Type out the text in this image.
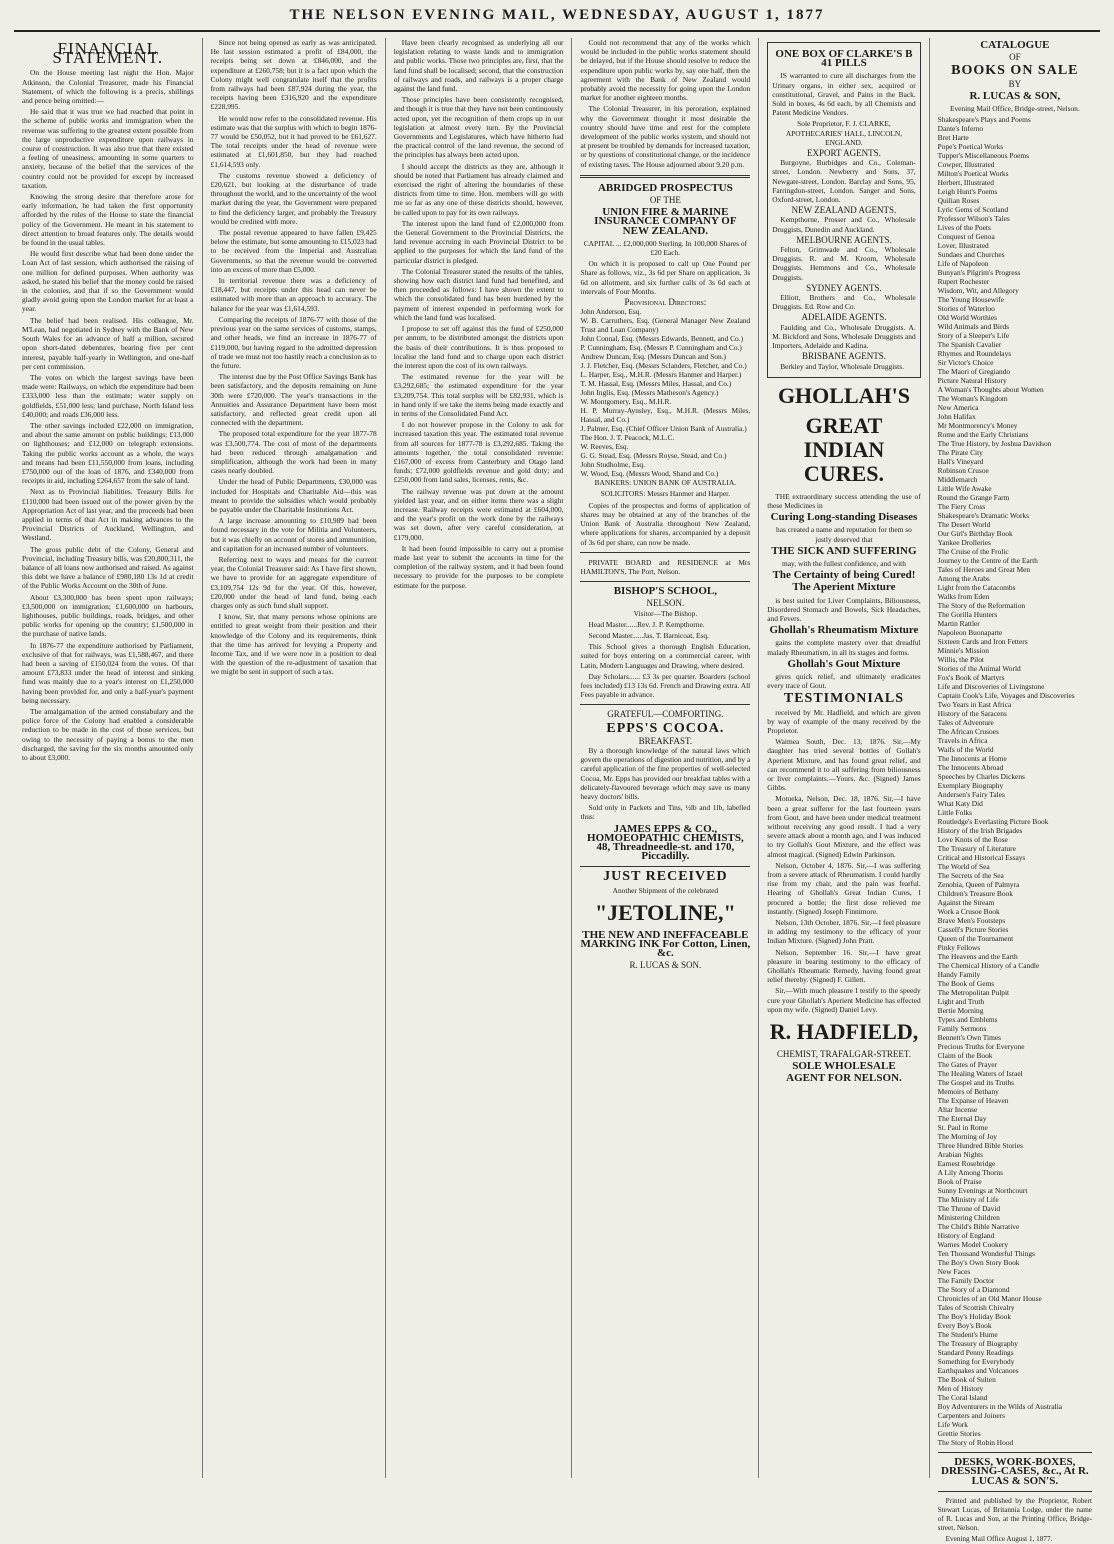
THE NELSON EVENING MAIL, WEDNESDAY, AUGUST 1, 1877
FINANCIAL STATEMENT.

On the House meeting last night the Hon. Major Atkinson, the Colonial Treasurer, made his Financial Statement, of which the following is a precis, shillings and pence being omitted:—

He said that it was true we had reached that point in the scheme of public works and immigration when the revenue was suffering to the greatest extent possible from the large unproductive expenditure upon railways in course of construction. It was also true that there existed a feeling of uneasiness, amounting in some quarters to anxiety, because of the belief that the services of the country could not be provided for except by increased taxation.

Knowing the strong desire that therefore arose for early information, he had taken the first opportunity afforded by the rules of the House to state the financial policy of the Government. He meant in his statement to direct attention to broad features only. The details would be found in the usual tables.

He would first describe what had been done under the Loan Act of last session, which authorised the raising of one million for defined purposes. When authority was asked, he stated his belief that the money could be raised in the colonies, and that if so the Government would gladly avoid going upon the London market for at least a year.

The belief had been realised. His colleague, Mr. M'Lean, had negotiated in Sydney with the Bank of New South Wales for an advance of half a million, secured upon short-dated debentures, bearing five per cent interest, payable half-yearly in Wellington, and one-half per cent commission.

The votes on which the largest savings have been made were: Railways, on which the expenditure had been £333,000 less than the estimate; water supply on goldfields, £51,000 less; land purchase, North Island less £40,000; and roads £36,000 less.

The other savings included £22,000 on immigration, and about the same amount on public buildings; £13,000 on lighthouses; and £12,000 on telegraph extensions. Taking the public works account as a whole, the ways and means had been £11,550,000 from loans, including £750,000 out of the loan of 1876, and £340,000 from receipts in aid, including £264,657 from the sale of land.

Next as to Provincial liabilities. Treasury Bills for £110,000 had been issued out of the power given by the Appropriation Act of last year, and the proceeds had been applied in terms of that Act in making advances to the Provincial Districts of Auckland, Wellington, and Westland.

The gross public debt of the Colony, General and Provincial, including Treasury bills, was £20,800,311, the balance of all loans now authorised and raised. As against this debt we have a balance of £980,180 13s 1d at credit of the Public Works Account on the 30th of June.

About £3,300,000 has been spent upon railways; £3,500,000 on immigration; £1,600,000 on harbours, lighthouses, public buildings, roads, bridges, and other public works for opening up the country; £1,500,000 in the purchase of native lands.

In 1876-77 the expenditure authorised by Parliament, exclusive of that for railways, was £1,588,467, and there had been a saving of £150,024 from the votes. Of that amount £73,833 under the head of interest and sinking fund was mainly due to a year's interest on £1,250,000 having been provided for, and only a half-year's payment being necessary.

The amalgamation of the armed constabulary and the police force of the Colony had enabled a considerable reduction to be made in the cost of those services, but owing to the necessity of paying a bonus to the men discharged, the saving for the six months amounted only to about £3,000.

Since not being opened as early as was anticipated. He last session estimated a profit of £84,000, the receipts being set down at £846,000, and the expenditure at £260,758; but it is a fact upon which the Colony might well congratulate itself that the profits from railways had been £87,924 during the year, the receipts having been £316,920 and the expenditure £228,995.

He would now refer to the consolidated revenue. His estimate was that the surplus with which to begin 1876-77 would be £50,052, but it had proved to be £61,627. The total receipts under the head of revenue were estimated at £1,601,850, but they had reached £1,614,593 only.

The customs revenue showed a deficiency of £20,621, but looking at the disturbance of trade throughout the world, and to the uncertainty of the wool market during the year, the Government were prepared to find the deficiency larger, and probably the Treasury would be credited with more.

The postal revenue appeared to have fallen £9,425 below the estimate, but some amounting to £15,023 had to be received from the Imperial and Australian Governments, so that the revenue would be converted into an excess of more than £5,000.

In territorial revenue there was a deficiency of £18,447, but receipts under this head can never be estimated with more than an approach to accuracy. The balance for the year was £1,614,593.

Comparing the receipts of 1876-77 with those of the previous year on the same services of customs, stamps, and other heads, we find an increase in 1876-77 of £119,000, but having regard to the admitted depression of trade we must not too hastily reach a conclusion as to the future.

The interest due by the Post Office Savings Bank has been satisfactory, and the deposits remaining on June 30th were £720,000. The year's transactions in the Annuities and Assurance Department have been most satisfactory, and reflected great credit upon all connected with the department.

The proposed total expenditure for the year 1877-78 was £3,500,774. The cost of most of the departments had been reduced through amalgamation and simplification, although the work had been in many cases nearly doubled.

Under the head of Public Departments, £30,000 was included for Hospitals and Charitable Aid—this was meant to provide the subsidies which would probably be payable under the Charitable Institutions Act.

A large increase amounting to £10,989 had been found necessary in the vote for Militia and Volunteers, but it was chiefly on account of stores and ammunition, and capitation for an increased number of volunteers.

Referring next to ways and means for the current year, the Colonial Treasurer said: As I have first shown, we have to provide for an aggregate expenditure of £3,109,754 12s 9d for the year. Of this, however, £20,000 under the head of land fund, being each charges only as such fund shall support.

I know, Sir, that many persons whose opinions are entitled to great weight from their position and their knowledge of the Colony and its requirements, think that the time has arrived for levying a Property and Income Tax, and if we were now in a position to deal with the question of the re-adjustment of taxation that we might be sent in support of such a tax.

Have been clearly recognised as underlying all our legislation relating to waste lands and to immigration and public works. Those two principles are, first, that the land fund shall be localised; second, that the construction of railways and roads, and railways is a proper charge against the land fund.

Those principles have been consistently recognised, and though it is true that they have not been continuously acted upon, yet the recognition of them crops up in our legislation at almost every turn. By the Provincial Governments and Legislatures, which have hitherto had the practical control of the land revenue, the second of the principles has always been acted upon.

I should accept the districts as they are, although it should be noted that Parliament has already claimed and exercised the right of altering the boundaries of these districts from time to time. Hon. members will go with me so far as any one of these districts should, however, be called upon to pay for its own railways.

The interest upon the land fund of £2,000,000 from the General Government to the Provincial Districts, the land revenue accruing in each Provincial District to be applied to the purposes for which the land fund of the particular district is pledged.

The Colonial Treasurer stated the results of the tables, showing how each district land fund had benefited, and then proceeded as follows: I have shown the extent to which the consolidated fund has been burdened by the payment of interest expended in performing work for which the land fund was localised.

I propose to set off against this the fund of £250,000 per annum, to be distributed amongst the districts upon the basis of their contributions. It is thus proposed to localise the land fund and to charge upon each district the interest upon the cost of its own railways.

The estimated revenue for the year will be £3,292,685; the estimated expenditure for the year £3,209,754. This total surplus will be £82,931, which is in hand only if we take the items being made exactly and in terms of the Consolidated Fund Act.

I do not however propose in the Colony to ask for increased taxation this year. The estimated total revenue from all sources for 1877-78 is £3,292,685. Taking the amounts together, the total consolidated revenue: £167,000 of excess from Canterbury and Otago land funds; £72,000 goldfields revenue and gold duty; and £250,000 from land sales, licenses, rents, &c.

The railway revenue was put down at the amount yielded last year, and on either items there was a slight increase. Railway receipts were estimated at £604,000, and the year's profit on the work done by the railways was set down, after very careful consideration, at £179,000.

It had been found impossible to carry out a promise made last year to submit the accounts in time for the completion of the railway system, and it had been found necessary to provide for the purposes to be complete estimate for the purpose.

Could not recommend that any of the works which would be included in the public works statement should be delayed, but if the House should resolve to reduce the expenditure upon public works by, say one half, then the agreement with the Bank of New Zealand would probably avoid the necessity for going upon the London market for another eighteen months.

The Colonial Treasurer, in his peroration, explained why the Government thought it most desirable the country should have time and rest for the complete development of the public works system, and should not at present be troubled by demands for increased taxation, or by questions of constitutional change, or the incidence of existing taxes. The House adjourned about 9.20 p.m.

ABRIDGED PROSPECTUS
OF THE
UNION FIRE & MARINE INSURANCE COMPANY OF NEW ZEALAND.

CAPITAL ... £2,000,000 Sterling. In 100,000 Shares of £20 Each.

On which it is proposed to call up One Pound per Share as follows, viz., 3s 6d per Share on application, 3s 6d on allotment, and six further calls of 3s 6d each at intervals of Four Months.

Provisional Directors:
John Anderson, Esq.
W. B. Carruthers, Esq. (General Manager New Zealand Trust and Loan Company)
John Connal, Esq. (Messrs Edwards, Bennett, and Co.)
P. Cunningham, Esq. (Messrs P. Cunningham and Co.)
Andrew Duncan, Esq. (Messrs Duncan and Son.)
J. J. Fletcher, Esq. (Messrs Sclanders, Fletcher, and Co.)
L. Harper, Esq., M.H.R. (Messrs Hanmer and Harper.)
T. M. Hassal, Esq. (Messrs Miles, Hassal, and Co.)
John Inglis, Esq. (Messrs Matheson's Agency.)
W. Montgomery, Esq., M.H.R.
H. P. Murray-Aynsley, Esq., M.H.R. (Messrs Miles, Hassal, and Co.)
J. Palmer, Esq. (Chief Officer Union Bank of Australia.)
The Hon. J. T. Peacock, M.L.C.
W. Reeves, Esq.
G. G. Stead, Esq. (Messrs Royse, Stead, and Co.)
John Studholme, Esq.
W. Wood, Esq. (Messrs Wood, Shand and Co.)

BANKERS: UNION BANK OF AUSTRALIA.

SOLICITORS: Messrs Hanmer and Harper.

Copies of the prospectus and forms of application of shares may be obtained at any of the branches of the Union Bank of Australia throughout New Zealand, where applications for shares, accompanied by a deposit of 3s 6d per share, can now be made.

PRIVATE BOARD and RESIDENCE at Mrs HAMILTON'S, The Port, Nelson.

BISHOP'S SCHOOL,
NELSON.

Visitor—The Bishop.

Head Master......Rev. J. P. Kempthorne.

Second Master......Jas. T. Barnicoat, Esq.

This School gives a thorough English Education, suited for boys entering on a commercial career, with Latin, Modern Languages and Drawing, where desired.

Day Scholars...... £3 3s per quarter. Boarders (school fees included) £13 13s 6d. French and Drawing extra. All Fees payable in advance.

GRATEFUL—COMFORTING.
EPPS'S COCOA.
BREAKFAST.

By a thorough knowledge of the natural laws which govern the operations of digestion and nutrition, and by a careful application of the fine properties of well-selected Cocoa, Mr. Epps has provided our breakfast tables with a delicately-flavoured beverage which may save us many heavy doctors' bills.

Sold only in Packets and Tins, ½lb and 1lb, labelled thus:

JAMES EPPS & CO., HOMOEOPATHIC CHEMISTS, 48, Threadneedle-st. and 170, Piccadilly.
JUST RECEIVED

Another Shipment of the celebrated

"JETOLINE,"
THE NEW AND INEFFACEABLE MARKING INK For Cotton, Linen, &c.
R. LUCAS & SON.
ONE BOX OF CLARKE'S B 41 PILLS

IS warranted to cure all discharges from the Urinary organs, in either sex, acquired or constitutional, Gravel, and Pains in the Back. Sold in boxes, 4s 6d each, by all Chemists and Patent Medicine Vendors.

Sole Proprietor, F. J. CLARKE, APOTHECARIES' HALL, LINCOLN, ENGLAND.

EXPORT AGENTS.

Burgoyne, Burbidges and Co., Coleman-street, London. Newberry and Sons, 37, Newgate-street, London. Barclay and Sons, 95, Farringdon-street, London. Sanger and Sons, Oxford-street, London.

NEW ZEALAND AGENTS.

Kempthorne, Prosser and Co., Wholesale Druggists, Dunedin and Auckland.

MELBOURNE AGENTS.

Felton, Grimwade and Co., Wholesale Druggists. R. and M. Kroom, Wholesale Druggists. Hemmons and Co., Wholesale Druggists.

SYDNEY AGENTS.

Elliott, Brothers and Co., Wholesale Druggists. Ed. Row and Co.

ADELAIDE AGENTS.

Faulding and Co., Wholesale Druggists. A. M. Bickford and Sons, Wholesale Druggists and Importers, Adelaide and Kadina.

BRISBANE AGENTS.

Berkley and Taylor, Wholesale Druggists.

GHOLLAH'S
GREAT INDIAN CURES.

THE extraordinary success attending the use of these Medicines in

Curing Long-standing Diseases

has created a name and reputation for them so justly deserved that

THE SICK AND SUFFERING

may, with the fullest confidence, and with

The Certainty of being Cured!
The Aperient Mixture

is best suited for Liver Complaints, Biliousness, Disordered Stomach and Bowels, Sick Headaches, and Fevers.

Ghollah's Rheumatism Mixture

gains the complete mastery over that dreadful malady Rheumatism, in all its stages and forms.

Ghollah's Gout Mixture

gives quick relief, and ultimately eradicates every trace of Gout.

TESTIMONIALS

received by Mr. Hadfield, and which are given by way of example of the many received by the Proprietor.

Waimea South, Dec. 13, 1876. Sir,—My daughter has tried several bottles of Gollah's Aperient Mixture, and has found great relief, and can recommend it to all suffering from biliousness or liver complaints.—Yours, &c. (Signed) James Gibbs.

Motueka, Nelson, Dec. 18, 1876. Sir,—I have been a great sufferer for the last fourteen years from Gout, and have been under medical treatment without receiving any good result. I had a very severe attack about a month ago, and I was induced to try Gollah's Gout Mixture, and the effect was almost magical. (Signed) Edwin Parkinson.

Nelson, October 4, 1876. Sir,—I was suffering from a severe attack of Rheumatism. I could hardly rise from my chair, and the pain was fearful. Hearing of Ghollah's Great Indian Cures, I procured a bottle; the first dose relieved me instantly. (Signed) Joseph Finnimore.

Nelson, 13th October, 1876. Sir,—I feel pleasure in adding my testimony to the efficacy of your Indian Mixture. (Signed) John Pratt.

Nelson, September 16. Sir,—I have great pleasure in bearing testimony to the efficacy of Ghollah's Rheumatic Remedy, having found great relief thereby. (Signed) F. Gillett.

Sir,—With much pleasure I testify to the speedy cure your Ghollah's Aperient Medicine has effected upon my wife. (Signed) Daniel Levy.

R. HADFIELD,
CHEMIST, TRAFALGAR-STREET.
SOLE WHOLESALE
AGENT FOR NELSON.
CATALOGUE
OF
BOOKS ON SALE
BY
R. LUCAS & SON,

Evening Mail Office, Bridge-street, Nelson.

Shakespeare's Plays and Poems
Dante's Inferno
Bret Harte
Pope's Poetical Works
Tupper's Miscellaneous Poems
Cowper, Illustrated
Milton's Poetical Works
Herbert, Illustrated
Leigh Hunt's Poems
Quilian Roses
Lyric Gems of Scotland
Professor Wilson's Tales
Lives of the Poets
Conquest of Genoa
Lover, Illustrated
Sundaes and Churches
Life of Napoleon
Bunyan's Pilgrim's Progress
Rupert Rochester
Wisdom, Wit, and Allegory
The Young Housewife
Stories of Waterloo
Old World Worthies
Wild Animals and Birds
Story of a Sleeper's Life
The Spanish Cavalier
Rhymes and Roundelays
Sir Victor's Choice
The Maori of Gregiando
Picture Natural History
A Woman's Thoughts about Women
The Woman's Kingdom
New America
John Halifax
Mr Montmorency's Money
Rome and the Early Christians
The True History, by Joshua Davidson
The Pirate City
Hall's Vineyard
Robinson Crusoe
Middlemarch
Little Wife Awake
Round the Grange Farm
The Fiery Cross
Shakespeare's Dramatic Works
The Desert World
Our Girl's Birthday Book
Yankee Drolleries
The Cruise of the Frolic
Journey to the Centre of the Earth
Tales of Heroes and Great Men
Among the Arabs
Light from the Catacombs
Walks from Eden
The Story of the Reformation
The Gorilla Hunters
Martin Rattler
Napoleon Buonaparte
Sixteen Cards and Iron Fetters
Minnie's Mission
Willis, the Pilot
Stories of the Animal World
Fox's Book of Martyrs
Life and Discoveries of Livingstone
Captain Cook's Life, Voyages and Discoveries
Two Years in East Africa
History of the Saracens
Tales of Adventure
The African Crusoes
Travels in Africa
Waifs of the World
The Innocents at Home
The Innocents Abroad
Speeches by Charles Dickens
Exemplary Biography
Andersen's Fairy Tales
What Katy Did
Little Folks
Routledge's Everlasting Picture Book
History of the Irish Brigades
Love Knots of the Rose
The Treasury of Literature
Critical and Historical Essays
The World of Sea
The Secrets of the Sea
Zenobia, Queen of Palmyra
Children's Treasure Book
Against the Stream
Work a Crusoe Book
Brave Men's Footsteps
Cassell's Picture Stories
Queen of the Tournament
Pinky Fellows
The Heavens and the Earth
The Chemical History of a Candle
Handy Family
The Book of Gems
The Metropolitan Pulpit
Light and Truth
Bertie Morning
Types and Emblems
Family Sermons
Bennett's Own Times
Precious Truths for Everyone
Claim of the Book
The Gates of Prayer
The Healing Waters of Israel
The Gospel and its Truths
Memoirs of Bethany
The Expanse of Heaven
Altar Incense
The Eternal Day
St. Paul in Rome
The Morning of Joy
Three Hundred Bible Stories
Arabian Nights
Earnest Rosebridge
A Lily Among Thorns
Book of Praise
Sunny Evenings at Northcourt
The Ministry of Life
The Throne of David
Ministering Children
The Child's Bible Narrative
History of England
Warnes Model Cookery
Ten Thousand Wonderful Things
The Boy's Own Story Book
New Faces
The Family Doctor
The Story of a Diamond
Chronicles of an Old Manor House
Tales of Scottish Chivalry
The Boy's Holiday Book
Every Boy's Book
The Student's Hume
The Treasury of Biography
Standard Penny Readings
Something for Everybody
Earthquakes and Volcanoes
The Book of Sulten
Men of History
The Coral Island
Boy Adventurers in the Wilds of Australia
Carpenters and Joiners
Life Work
Grettie Stories
The Story of Robin Hood
DESKS, WORK-BOXES, DRESSING-CASES, &c., At R. LUCAS & SON'S.

Printed and published by the Proprietor, Robert Stewart Lucas, of Britannia Lodge, under the name of R. Lucas and Son, at the Printing Office, Bridge-street, Nelson.

Evening Mail Office August 1, 1877.
